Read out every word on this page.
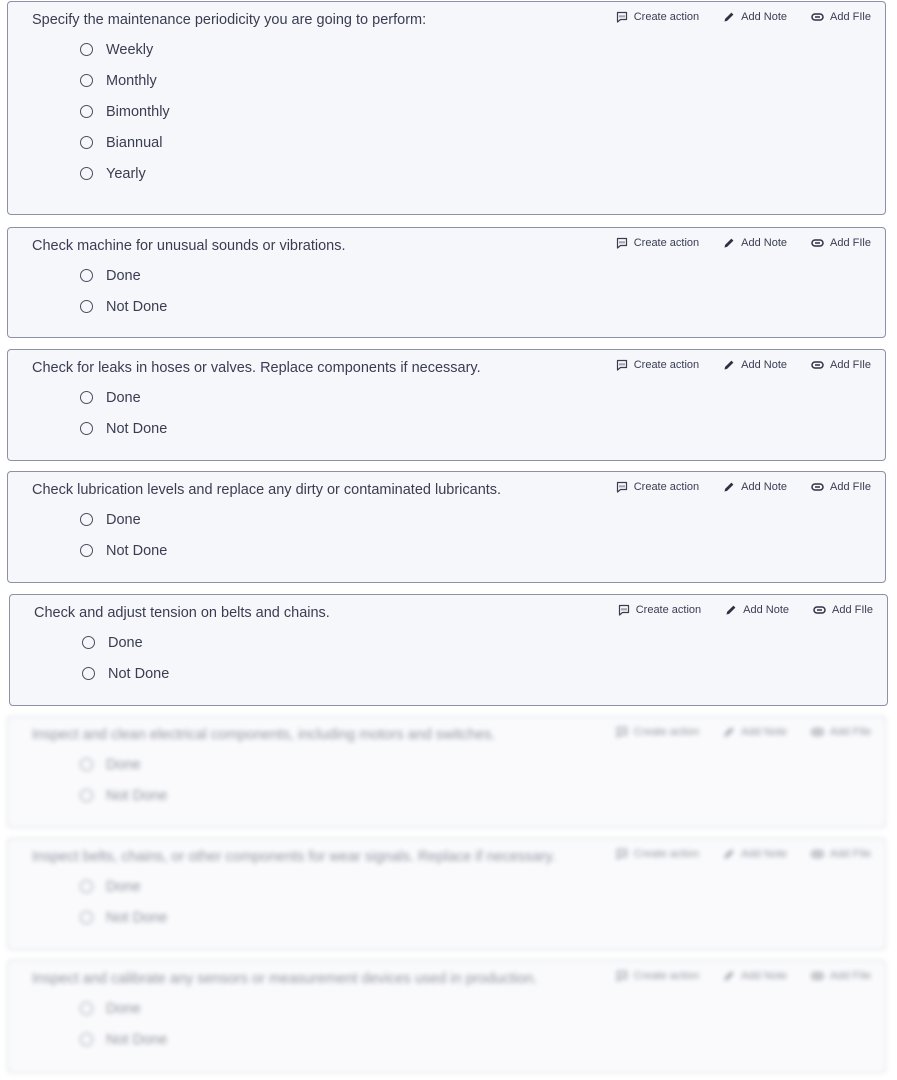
Specify the maintenance periodicity you are going to perform:	Create action	Add Note	Add FIle
Weekly
Monthly
Bimonthly
Biannual
Yearly
Check machine for unusual sounds or vibrations.	Create action	Add Note	Add FIle
Done
Not Done
Check for leaks in hoses or valves. Replace components if necessary.	Create action	Add Note	Add FIle
Done
Not Done
Check lubrication levels and replace any dirty or contaminated lubricants.	Create action	Add Note	Add FIle
Done
Not Done
Check and adjust tension on belts and chains.	Create action	Add Note	Add FIle
Done
Not Done
Inspect and clean electrical components, including motors and switches.	Create action	Add Note	Add FIle
Done
Not Done
Inspect belts, chains, or other components for wear signals. Replace if necessary.	Create action	Add Note	Add FIle
Done
Not Done
Inspect and calibrate any sensors or measurement devices used in production.	Create action	Add Note	Add FIle
Done
Not Done
